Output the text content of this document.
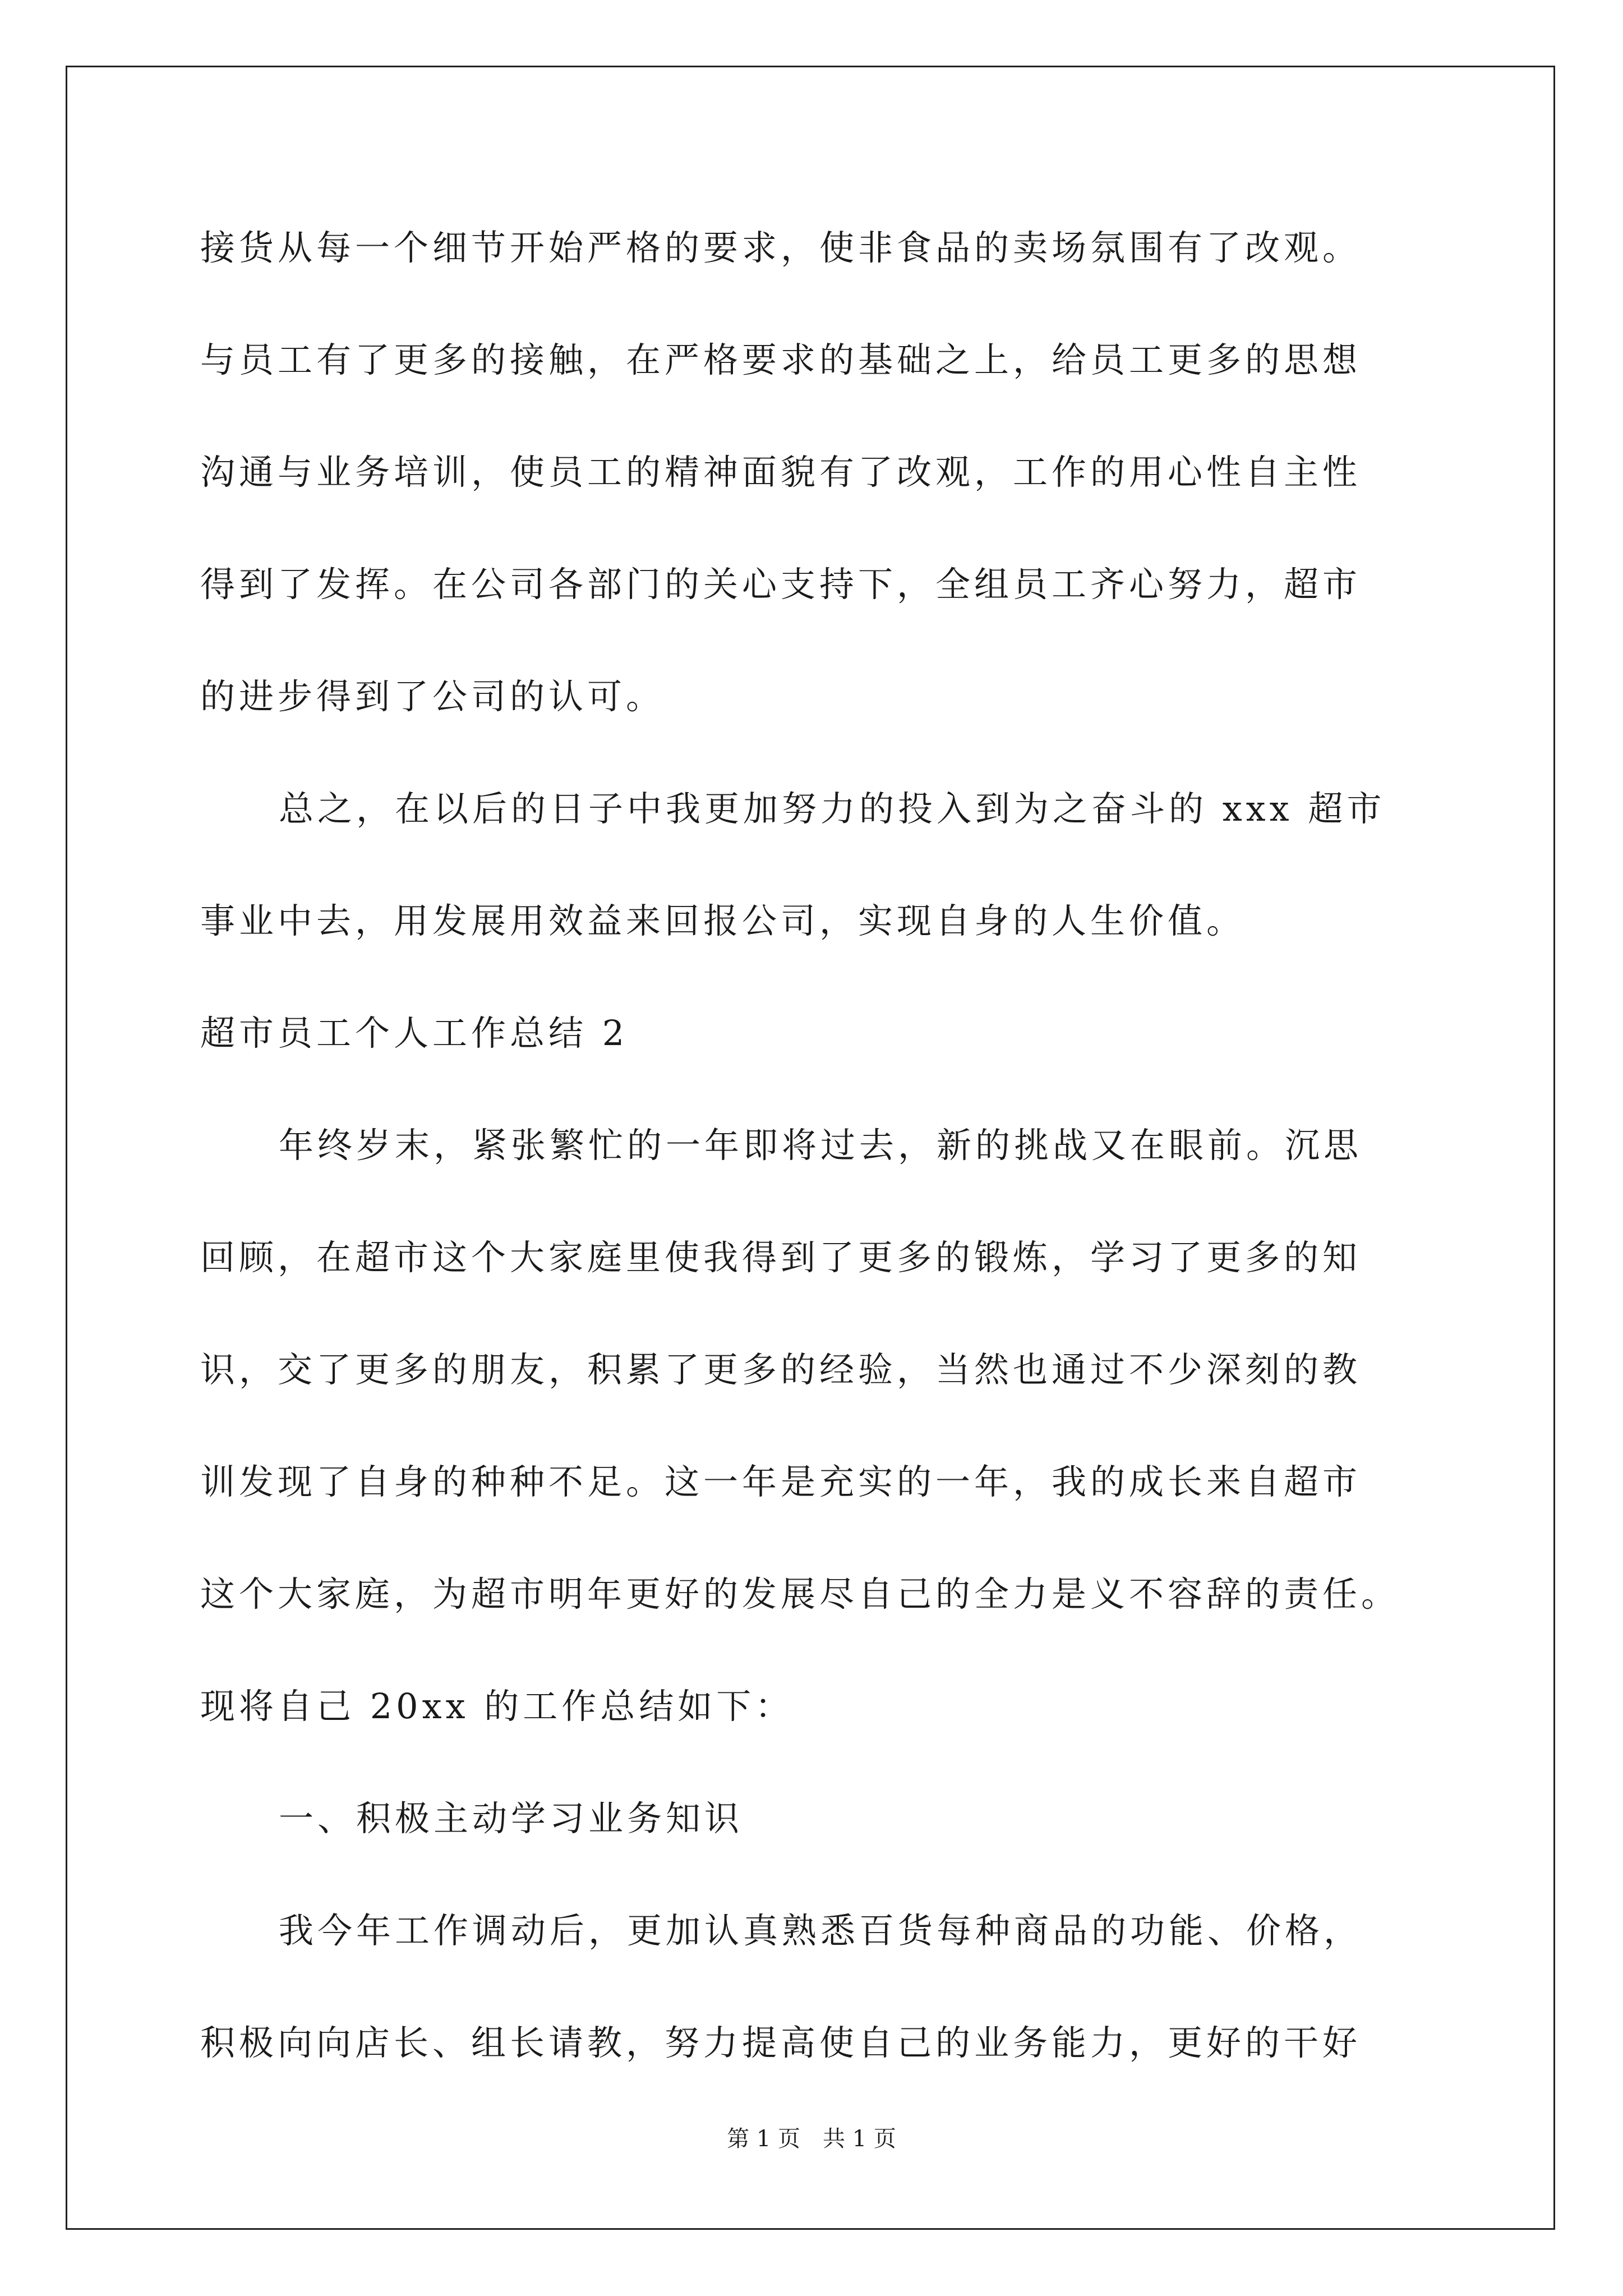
接货从每一个细节开始严格的要求，使非食品的卖场氛围有了改观。
与员工有了更多的接触，在严格要求的基础之上，给员工更多的思想
沟通与业务培训，使员工的精神面貌有了改观，工作的用心性自主性
得到了发挥。在公司各部门的关心支持下，全组员工齐心努力，超市
的进步得到了公司的认可。
总之，在以后的日子中我更加努力的投入到为之奋斗的 xxx 超市
事业中去，用发展用效益来回报公司，实现自身的人生价值。
超市员工个人工作总结 2
年终岁末，紧张繁忙的一年即将过去，新的挑战又在眼前。沉思
回顾，在超市这个大家庭里使我得到了更多的锻炼，学习了更多的知
识，交了更多的朋友，积累了更多的经验，当然也通过不少深刻的教
训发现了自身的种种不足。这一年是充实的一年，我的成长来自超市
这个大家庭，为超市明年更好的发展尽自己的全力是义不容辞的责任。
现将自己 20xx 的工作总结如下：
一、积极主动学习业务知识
我今年工作调动后，更加认真熟悉百货每种商品的功能、价格，
积极向向店长、组长请教，努力提高使自己的业务能力，更好的干好
第 1 页　共 1 页
